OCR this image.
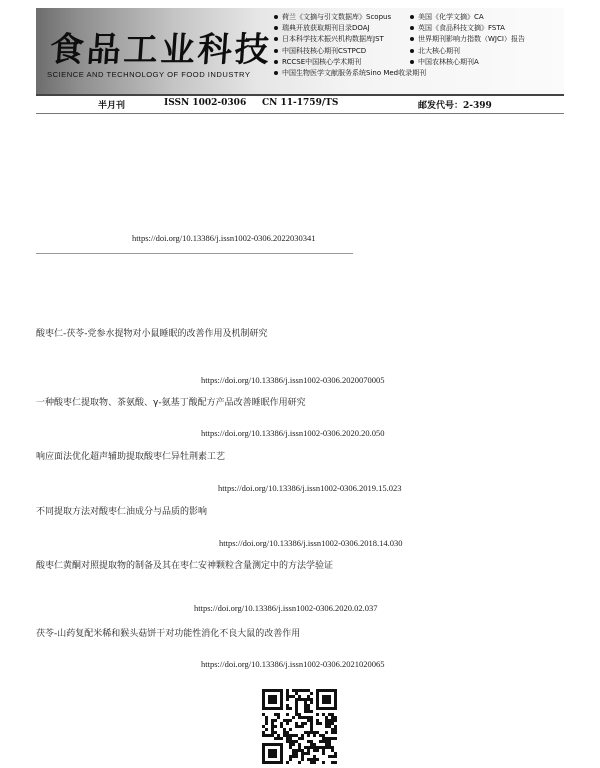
食品工业科技
SCIENCE AND TECHNOLOGY OF FOOD INDUSTRY
荷兰《文摘与引文数据库》Scopus
瑞典开放获取期刊目录DOAJ
日本科学技术振兴机构数据库JST
中国科技核心期刊CSTPCD
RCCSE中国核心学术期刊
中国生物医学文献服务系统Sino Med收录期刊
美国《化学文摘》CA
英国《食品科技文摘》FSTA
世界期刊影响力指数（WJCI）报告
北大核心期刊
中国农林核心期刊A
半月刊	ISSN 1002-0306 CN 11-1759/TS	邮发代号：2-399
https://doi.org/10.13386/j.issn1002-0306.2022030341
酸枣仁-茯苓-党参水提物对小鼠睡眠的改善作用及机制研究
https://doi.org/10.13386/j.issn1002-0306.2020070005
一种酸枣仁提取物、茶氨酸、γ-氨基丁酸配方产品改善睡眠作用研究
https://doi.org/10.13386/j.issn1002-0306.2020.20.050
响应面法优化超声辅助提取酸枣仁异牡荆素工艺
https://doi.org/10.13386/j.issn1002-0306.2019.15.023
不同提取方法对酸枣仁油成分与品质的影响
https://doi.org/10.13386/j.issn1002-0306.2018.14.030
酸枣仁黄酮对照提取物的制备及其在枣仁安神颗粒含量测定中的方法学验证
https://doi.org/10.13386/j.issn1002-0306.2020.02.037
茯苓-山药复配米稀和猴头菇饼干对功能性消化不良大鼠的改善作用
https://doi.org/10.13386/j.issn1002-0306.2021020065
